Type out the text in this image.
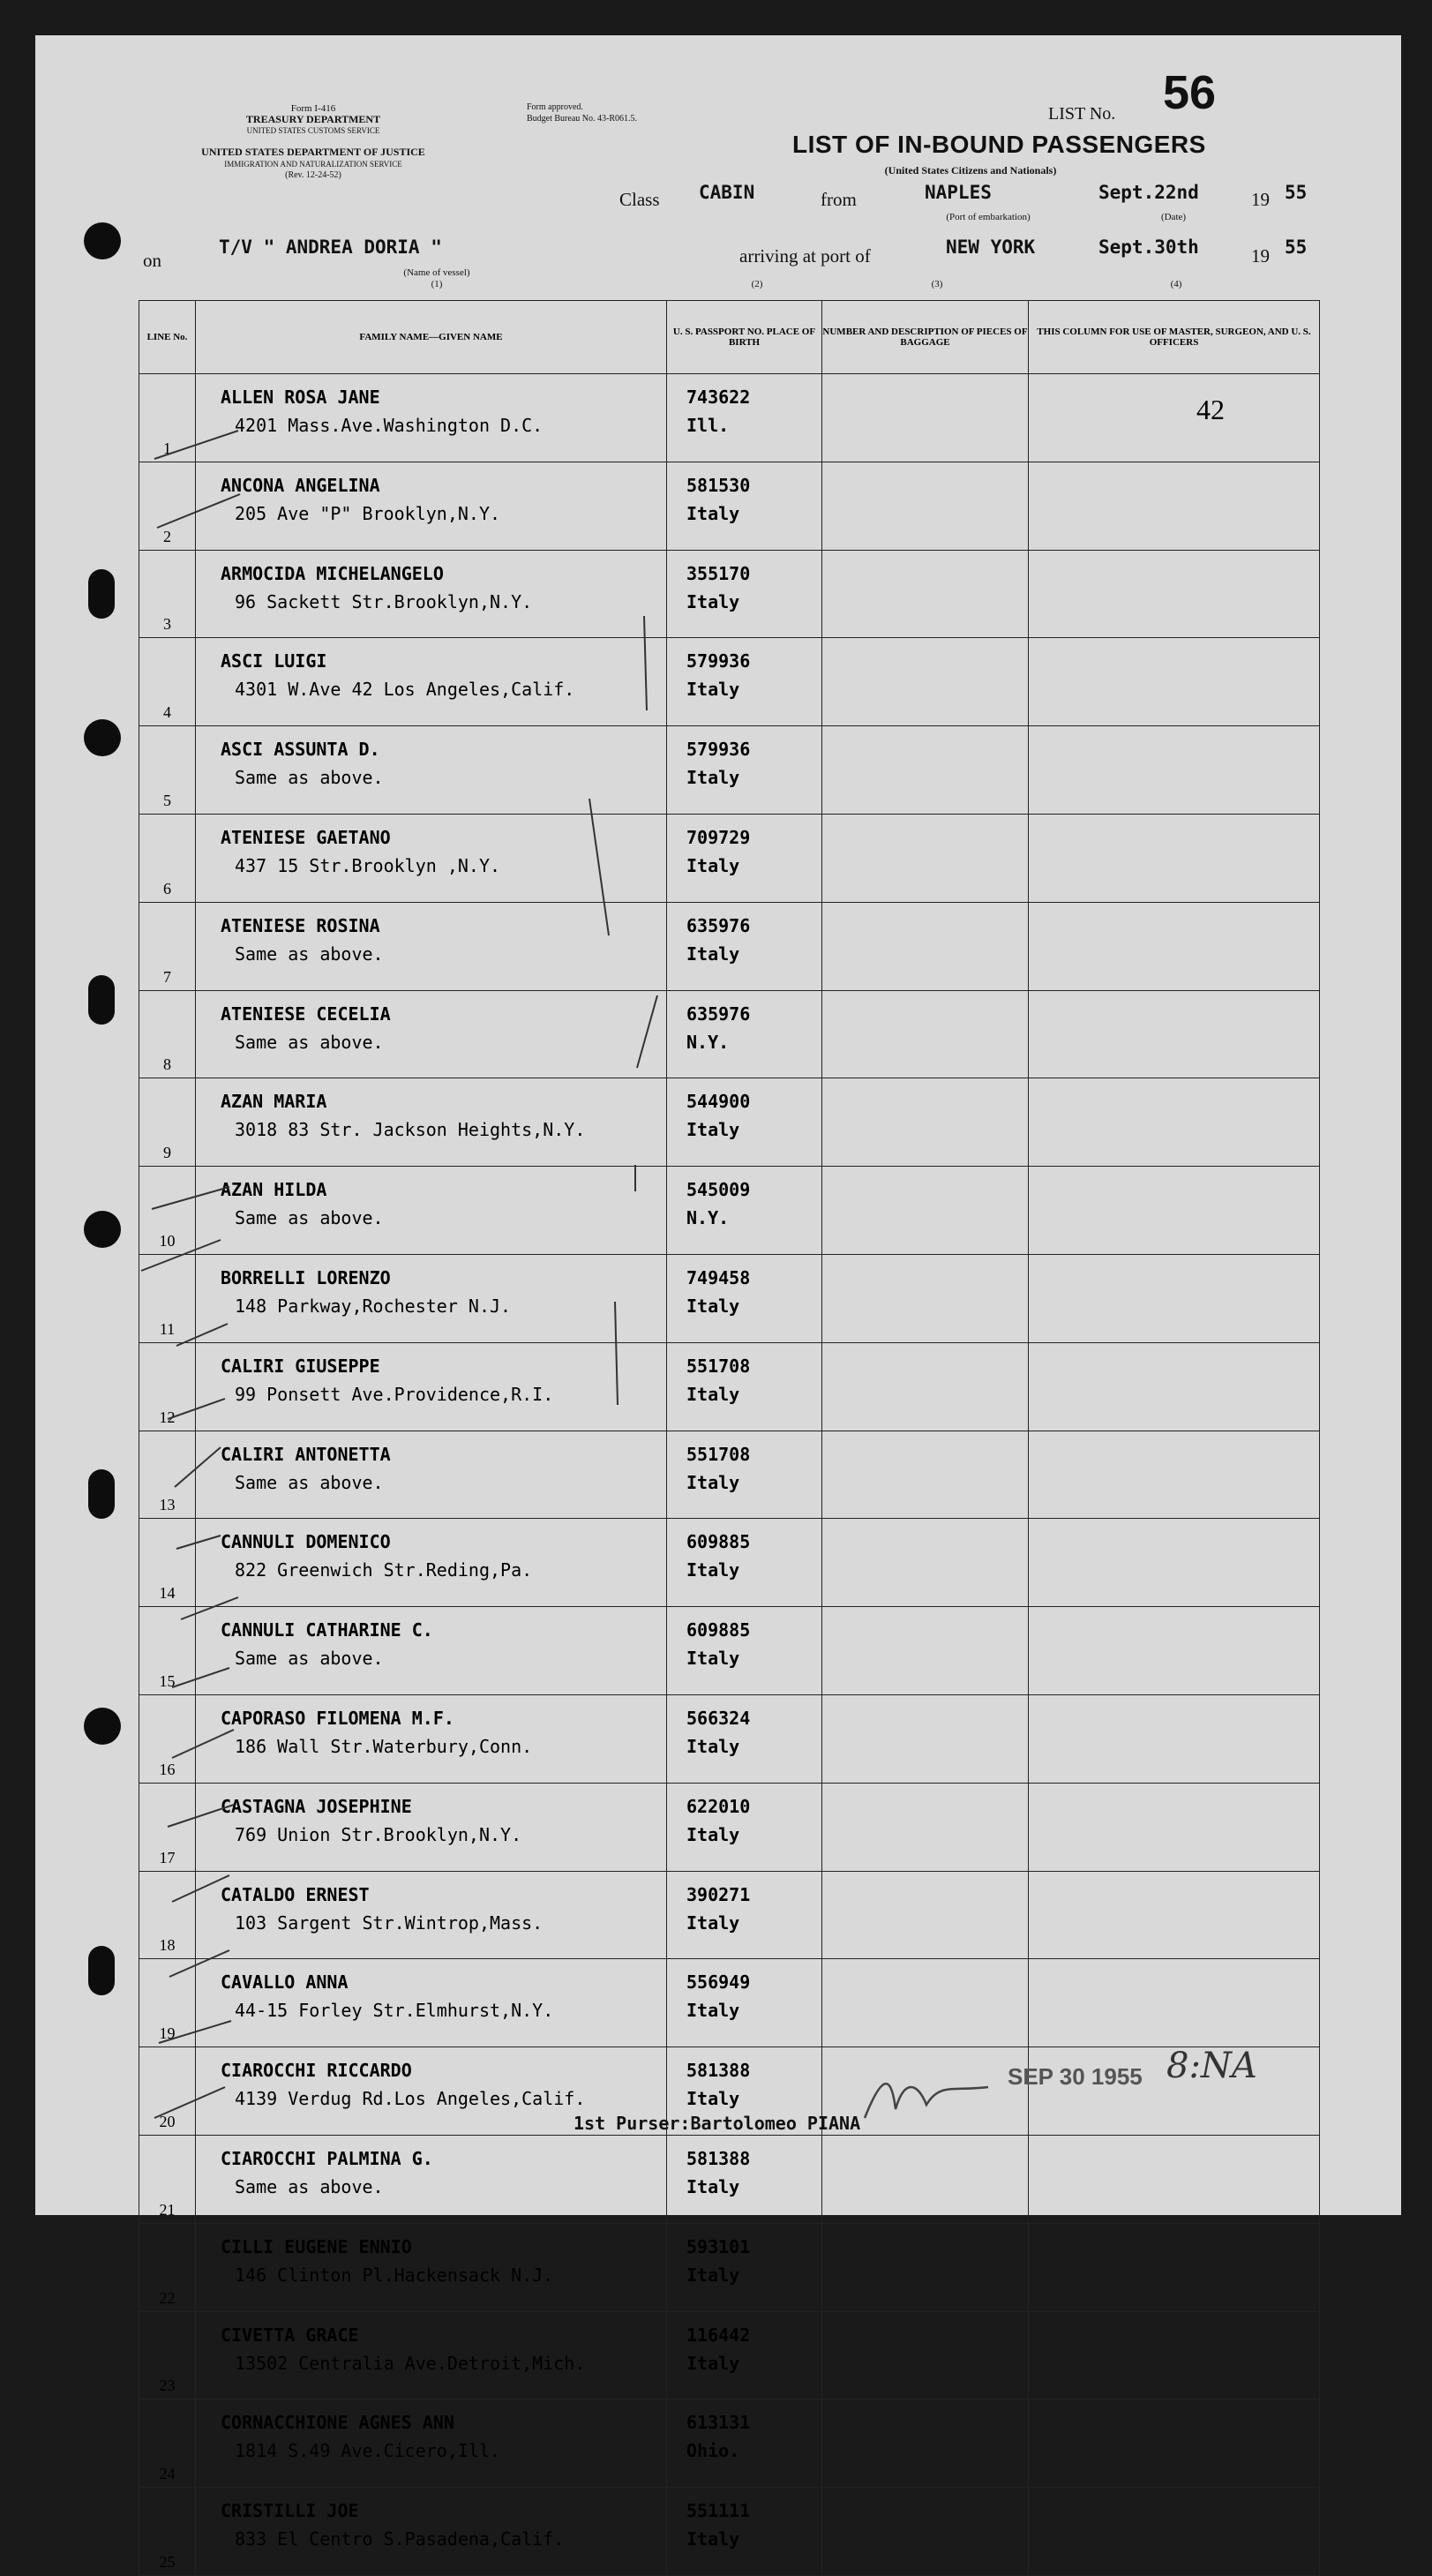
Form I-416
TREASURY DEPARTMENT
UNITED STATES CUSTOMS SERVICE
UNITED STATES DEPARTMENT OF JUSTICE
IMMIGRATION AND NATURALIZATION SERVICE
(Rev. 12-24-52)
Form approved.
Budget Bureau No. 43-R061.5.	LIST No. 56
LIST OF IN-BOUND PASSENGERS
(United States Citizens and Nationals)
Class CABIN	from	NAPLES
(Port of embarkation)
Sept.22nd
(Date)
19 55
on
T/V " ANDREA DORIA "
(Name of vessel)
(1)
arriving at port of	NEW YORK	Sept.30th	19 55
(2)	(3)	(4)
LINE No.	FAMILY NAME—GIVEN NAME	U. S. PASSPORT NO. PLACE OF BIRTH	NUMBER AND DESCRIPTION OF PIECES OF BAGGAGE	THIS COLUMN FOR USE OF MASTER, SURGEON, AND U. S. OFFICERS
1	ALLEN ROSA JANE
4201 Mass.Ave.Washington D.C.	743622
Ill.		42
2	ANCONA ANGELINA
205 Ave "P" Brooklyn,N.Y.	581530
Italy		
3	ARMOCIDA MICHELANGELO
96 Sackett Str.Brooklyn,N.Y.	355170
Italy		
4	ASCI LUIGI
4301 W.Ave 42 Los Angeles,Calif.	579936
Italy		
5	ASCI ASSUNTA D.
Same as above.	579936
Italy		
6	ATENIESE GAETANO
437 15 Str.Brooklyn ,N.Y.	709729
Italy		
7	ATENIESE ROSINA
Same as above.	635976
Italy		
8	ATENIESE CECELIA
Same as above.	635976
N.Y.		
9	AZAN MARIA
3018 83 Str. Jackson Heights,N.Y.	544900
Italy		
10	AZAN HILDA
Same as above.	545009
N.Y.		
11	BORRELLI LORENZO
148 Parkway,Rochester N.J.	749458
Italy		
12	CALIRI GIUSEPPE
99 Ponsett Ave.Providence,R.I.	551708
Italy		
13	CALIRI ANTONETTA
Same as above.	551708
Italy		
14	CANNULI DOMENICO
822 Greenwich Str.Reding,Pa.	609885
Italy		
15	CANNULI CATHARINE C.
Same as above.	609885
Italy		
16	CAPORASO FILOMENA M.F.
186 Wall Str.Waterbury,Conn.	566324
Italy		
17	CASTAGNA JOSEPHINE
769 Union Str.Brooklyn,N.Y.	622010
Italy		
18	CATALDO ERNEST
103 Sargent Str.Wintrop,Mass.	390271
Italy		
19	CAVALLO ANNA
44-15 Forley Str.Elmhurst,N.Y.	556949
Italy		
20	CIAROCCHI RICCARDO
4139 Verdug Rd.Los Angeles,Calif.	581388
Italy		
21	CIAROCCHI PALMINA G.
Same as above.	581388
Italy		
22	CILLI EUGENE ENNIO
146 Clinton Pl.Hackensack N.J.	593101
Italy		
23	CIVETTA GRACE
13502 Centralia Ave.Detroit,Mich.	116442
Italy		
24	CORNACCHIONE AGNES ANN
1814 S.49 Ave.Cicero,Ill.	613131
Ohio.		
25	CRISTILLI JOE
833 El Centro S.Pasadena,Calif.	551111
Italy		
1st Purser:Bartolomeo PIANA
SEP 30 1955 8:NA
